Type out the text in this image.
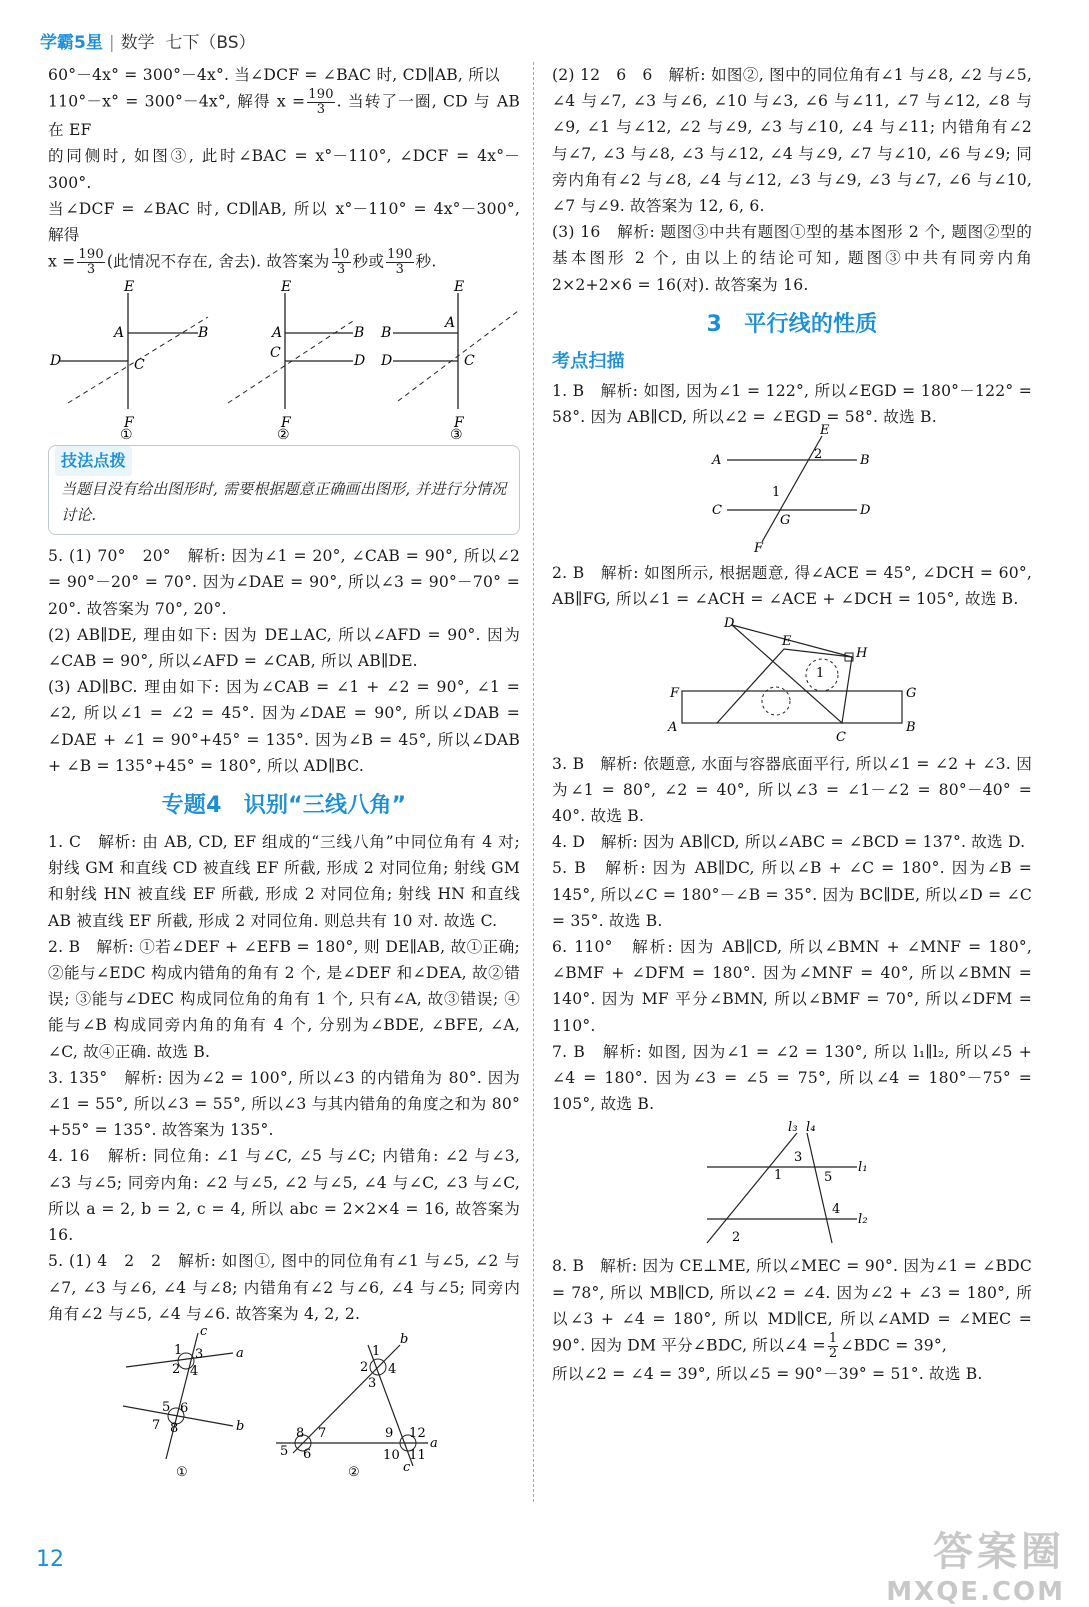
学霸5星 | 数学 七下（BS）

60°－4x° = 300°－4x°. 当∠DCF = ∠BAC 时, CD∥AB, 所以

110°－x° = 300°－4x°, 解得 $x = \frac{190}{3}$ . 当转了一圈, CD 与 AB 在 EF

的同侧时, 如图③, 此时∠BAC = x°－110°, ∠DCF = 4x°－300°.

当∠DCF = ∠BAC 时, CD∥AB, 所以 x°－110° = 4x°－300°, 解得

$x = \frac{190}{3}$ (此情况不存在, 舍去). 故答案为 $\frac{10}{3}$ 秒或 $\frac{190}{3}$ 秒.

E
A	B
D	C
F
①
E
A	B
C	D
F
②
E
A
B
D	C
F
③
技法点拨
当题目没有给出图形时, 需要根据题意正确画出图形, 并进行分情况讨论.

5. (1) 70°　20°　解析: 因为∠1 = 20°, ∠CAB = 90°, 所以∠2 = 90°－20° = 70°. 因为∠DAE = 90°, 所以∠3 = 90°－70° = 20°. 故答案为 70°, 20°.

(2) AB∥DE, 理由如下: 因为 DE⊥AC, 所以∠AFD = 90°. 因为∠CAB = 90°, 所以∠AFD = ∠CAB, 所以 AB∥DE.

(3) AD∥BC. 理由如下: 因为∠CAB = ∠1 + ∠2 = 90°, ∠1 = ∠2, 所以∠1 = ∠2 = 45°. 因为∠DAE = 90°, 所以∠DAB = ∠DAE + ∠1 = 90°+45° = 135°. 因为∠B = 45°, 所以∠DAB + ∠B = 135°+45° = 180°, 所以 AD∥BC.

专题4　识别“三线八角”

1. C　解析: 由 AB, CD, EF 组成的“三线八角”中同位角有 4 对; 射线 GM 和直线 CD 被直线 EF 所截, 形成 2 对同位角; 射线 GM 和射线 HN 被直线 EF 所截, 形成 2 对同位角; 射线 HN 和直线 AB 被直线 EF 所截, 形成 2 对同位角. 则总共有 10 对. 故选 C.

2. B　解析: ①若∠DEF + ∠EFB = 180°, 则 DE∥AB, 故①正确; ②能与∠EDC 构成内错角的角有 2 个, 是∠DEF 和∠DEA, 故②错误; ③能与∠DEC 构成同位角的角有 1 个, 只有∠A, 故③错误; ④能与∠B 构成同旁内角的角有 4 个, 分别为∠BDE, ∠BFE, ∠A, ∠C, 故④正确. 故选 B.

3. 135°　解析: 因为∠2 = 100°, 所以∠3 的内错角为 80°. 因为∠1 = 55°, 所以∠3 = 55°, 所以∠3 与其内错角的角度之和为 80°+55° = 135°. 故答案为 135°.

4. 16　解析: 同位角: ∠1 与∠C, ∠5 与∠C; 内错角: ∠2 与∠3, ∠3 与∠5; 同旁内角: ∠2 与∠5, ∠2 与∠5, ∠4 与∠C, ∠3 与∠C, 所以 a = 2, b = 2, c = 4, 所以 abc = 2×2×4 = 16, 故答案为 16.

5. (1) 4　2　2　解析: 如图①, 图中的同位角有∠1 与∠5, ∠2 与∠7, ∠3 与∠6, ∠4 与∠8; 内错角有∠2 与∠6, ∠4 与∠5; 同旁内角有∠2 与∠5, ∠4 与∠6. 故答案为 4, 2, 2.

c
a
b
1 3
2 4
5 6
7 8
①
b
a
c
1
2 4
3
8 7
5 6
9 12
10 11
②

(2) 12　6　6　解析: 如图②, 图中的同位角有∠1 与∠8, ∠2 与∠5, ∠4 与∠7, ∠3 与∠6, ∠10 与∠3, ∠6 与∠11, ∠7 与∠12, ∠8 与∠9, ∠1 与∠12, ∠2 与∠9, ∠3 与∠10, ∠4 与∠11; 内错角有∠2 与∠7, ∠3 与∠8, ∠3 与∠12, ∠4 与∠9, ∠7 与∠10, ∠6 与∠9; 同旁内角有∠2 与∠8, ∠4 与∠12, ∠3 与∠9, ∠3 与∠7, ∠6 与∠10, ∠7 与∠9. 故答案为 12, 6, 6.

(3) 16　解析: 题图③中共有题图①型的基本图形 2 个, 题图②型的基本图形 2 个, 由以上的结论可知, 题图③中共有同旁内角 2×2+2×6 = 16(对). 故答案为 16.

3　平行线的性质
考点扫描

1. B　解析: 如图, 因为∠1 = 122°, 所以∠EGD = 180°－122° = 58°. 因为 AB∥CD, 所以∠2 = ∠EGD = 58°. 故选 B.

A	B
C	D
E
F
2
1
G

2. B　解析: 如图所示, 根据题意, 得∠ACE = 45°, ∠DCH = 60°, AB∥FG, 所以∠1 = ∠ACH = ∠ACE + ∠DCH = 105°, 故选 B.

D
E
H
F	G
A	B
C
1

3. B　解析: 依题意, 水面与容器底面平行, 所以∠1 = ∠2 + ∠3. 因为∠1 = 80°, ∠2 = 40°, 所以∠3 = ∠1－∠2 = 80°－40° = 40°. 故选 B.

4. D　解析: 因为 AB∥CD, 所以∠ABC = ∠BCD = 137°. 故选 D.

5. B　解析: 因为 AB∥DC, 所以∠B + ∠C = 180°. 因为∠B = 145°, 所以∠C = 180°－∠B = 35°. 因为 BC∥DE, 所以∠D = ∠C = 35°. 故选 B.

6. 110°　解析: 因为 AB∥CD, 所以∠BMN + ∠MNF = 180°, ∠BMF + ∠DFM = 180°. 因为∠MNF = 40°, 所以∠BMN = 140°. 因为 MF 平分∠BMN, 所以∠BMF = 70°, 所以∠DFM = 110°.

7. B　解析: 如图, 因为∠1 = ∠2 = 130°, 所以 l₁∥l₂, 所以∠5 + ∠4 = 180°. 因为∠3 = ∠5 = 75°, 所以∠4 = 180°－75° = 105°, 故选 B.

l₃ l₄
l₁
l₂
3
1	5
4
2

8. B　解析: 因为 CE⊥ME, 所以∠MEC = 90°. 因为∠1 = ∠BDC = 78°, 所以 MB∥CD, 所以∠2 = ∠4. 因为∠2 + ∠3 = 180°, 所以∠3 + ∠4 = 180°, 所以 MD∥CE, 所以∠AMD = ∠MEC = 90°. 因为 DM 平分∠BDC, 所以∠4 = $\frac{1}{2}$ ∠BDC = 39°,

所以∠2 = ∠4 = 39°, 所以∠5 = 90°－39° = 51°. 故选 B.

12	答案圈
MXQE.COM
